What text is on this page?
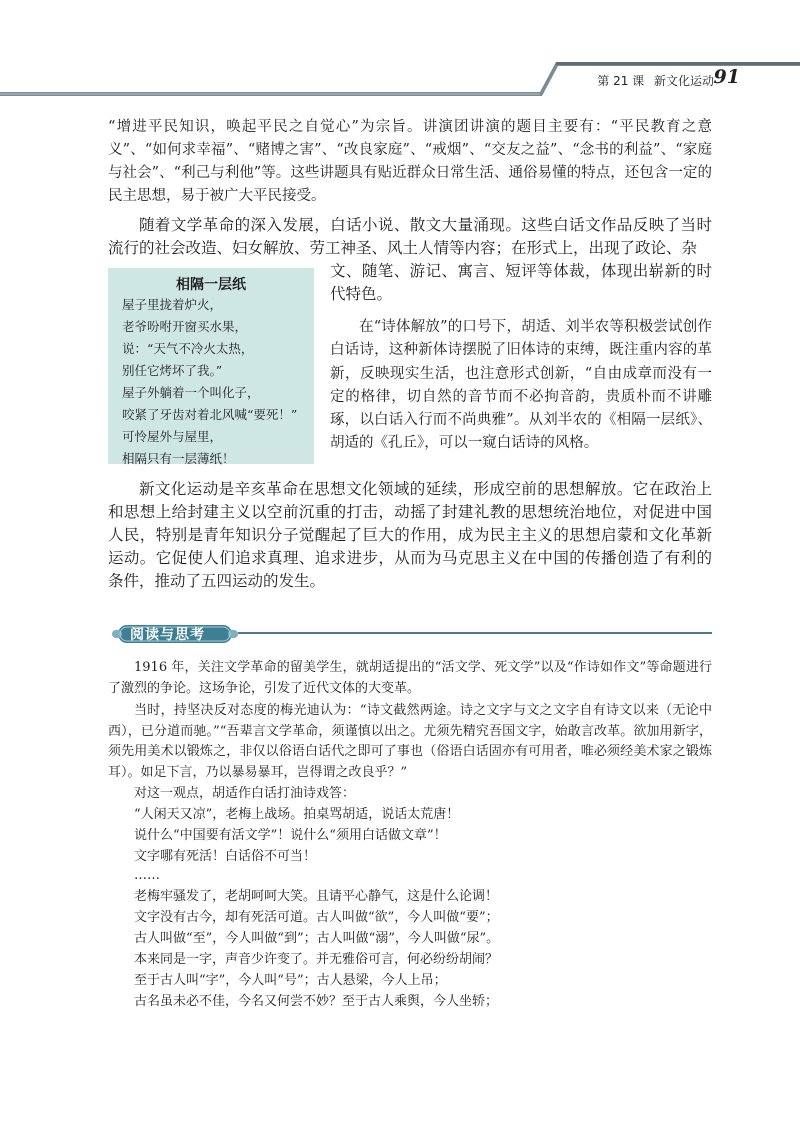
第 21 课 新文化运动 91

“增进平民知识，唤起平民之自觉心”为宗旨。讲演团讲演的题目主要有：“平民教育之意义”、“如何求幸福”、“赌博之害”、“改良家庭”、“戒烟”、“交友之益”、“念书的利益”、“家庭与社会”、“利己与利他”等。这些讲题具有贴近群众日常生活、通俗易懂的特点，还包含一定的民主思想，易于被广大平民接受。

随着文学革命的深入发展，白话小说、散文大量涌现。这些白话文作品反映了当时流行的社会改造、妇女解放、劳工神圣、风土人情等内容；在形式上，出现了政论、杂

文、随笔、游记、寓言、短评等体裁，体现出崭新的时代特色。

相隔一层纸
屋子里拢着炉火，
老爷吩咐开窗买水果，
说：“天气不冷火太热，
别任它烤坏了我。”
屋子外躺着一个叫化子，
咬紧了牙齿对着北风喊“要死！”
可怜屋外与屋里，
相隔只有一层薄纸！

在“诗体解放”的口号下，胡适、刘半农等积极尝试创作白话诗，这种新体诗摆脱了旧体诗的束缚，既注重内容的革新，反映现实生活，也注意形式创新，“自由成章而没有一定的格律，切自然的音节而不必拘音韵，贵质朴而不讲雕琢，以白话入行而不尚典雅”。从刘半农的《相隔一层纸》、胡适的《孔丘》，可以一窥白话诗的风格。

新文化运动是辛亥革命在思想文化领域的延续，形成空前的思想解放。它在政治上和思想上给封建主义以空前沉重的打击，动摇了封建礼教的思想统治地位，对促进中国人民，特别是青年知识分子觉醒起了巨大的作用，成为民主主义的思想启蒙和文化革新运动。它促使人们追求真理、追求进步，从而为马克思主义在中国的传播创造了有利的条件，推动了五四运动的发生。

阅读与思考

1916 年，关注文学革命的留美学生，就胡适提出的“活文学、死文学”以及“作诗如作文”等命题进行了激烈的争论。这场争论，引发了近代文体的大变革。

当时，持坚决反对态度的梅光迪认为：“诗文截然两途。诗之文字与文之文字自有诗文以来（无论中西），已分道而驰。”“吾辈言文学革命，须谨慎以出之。尤须先精究吾国文字，始敢言改革。欲加用新字，须先用美术以锻炼之，非仅以俗语白话代之即可了事也（俗语白话固亦有可用者，唯必须经美术家之锻炼耳）。如足下言，乃以暴易暴耳，岂得谓之改良乎？”

对这一观点，胡适作白话打油诗戏答：

“人闲天又凉”，老梅上战场。拍桌骂胡适，说话太荒唐！

说什么“中国要有活文学”！说什么“须用白话做文章”！

文字哪有死活！白话俗不可当！

……

老梅牢骚发了，老胡呵呵大笑。且请平心静气，这是什么论调！

文字没有古今，却有死活可道。古人叫做“欲”，今人叫做“要”；

古人叫做“至”，今人叫做“到”；古人叫做“溺”，今人叫做“尿”。

本来同是一字，声音少许变了。并无雅俗可言，何必纷纷胡闹？

至于古人叫“字”，今人叫“号”；古人悬梁，今人上吊；

古名虽未必不佳，今名又何尝不妙？至于古人乘舆，今人坐轿；
